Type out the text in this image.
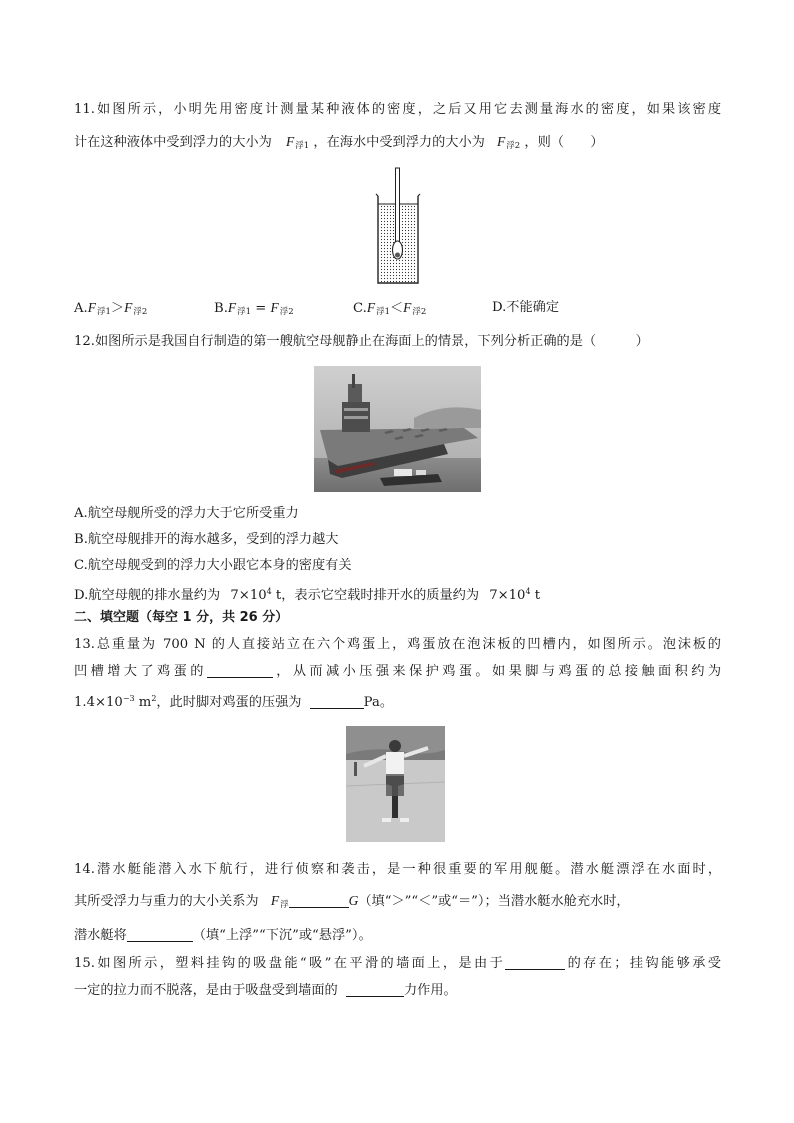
11.如图所示，小明先用密度计测量某种液体的密度，之后又用它去测量海水的密度，如果该密度
计在这种液体中受到浮力的大小为 $F_{浮1}$ ，在海水中受到浮力的大小为 $F_{浮2}$ ，则（　　）
$A.F_{浮1}>F_{浮2}$	$B.F_{浮1} = F_{浮2}$	$C.F_{浮1}<F_{浮2}$	D.不能确定
12.如图所示是我国自行制造的第一艘航空母舰静止在海面上的情景，下列分析正确的是（　　　）
A.航空母舰所受的浮力大于它所受重力
B.航空母舰排开的海水越多，受到的浮力越大
C.航空母舰受到的浮力大小跟它本身的密度有关
D.航空母舰的排水量约为 $7\times 10^4$ t，表示它空载时排开水的质量约为 $7\times 10^4$ t
二、填空题（每空 1 分，共 26 分）
13.总重量为 700 N 的人直接站立在六个鸡蛋上，鸡蛋放在泡沫板的凹槽内，如图所示。泡沫板的
凹槽增大了鸡蛋的	，从而减小压强来保护鸡蛋。如果脚与鸡蛋的总接触面积约为
$1.4\times 10^{-3}$ $m^2$，此时脚对鸡蛋的压强为	Pa。
14.潜水艇能潜入水下航行，进行侦察和袭击，是一种很重要的军用舰艇。潜水艇漂浮在水面时，
其所受浮力与重力的大小关系为 $F_浮$	G（填“＞”“＜”或“＝”）；当潜水艇水舱充水时，
潜水艇将	（填“上浮”“下沉”或“悬浮”）。
15.如图所示，塑料挂钩的吸盘能“吸”在平滑的墙面上，是由于	的存在；挂钩能够承受
一定的拉力而不脱落，是由于吸盘受到墙面的	力作用。
